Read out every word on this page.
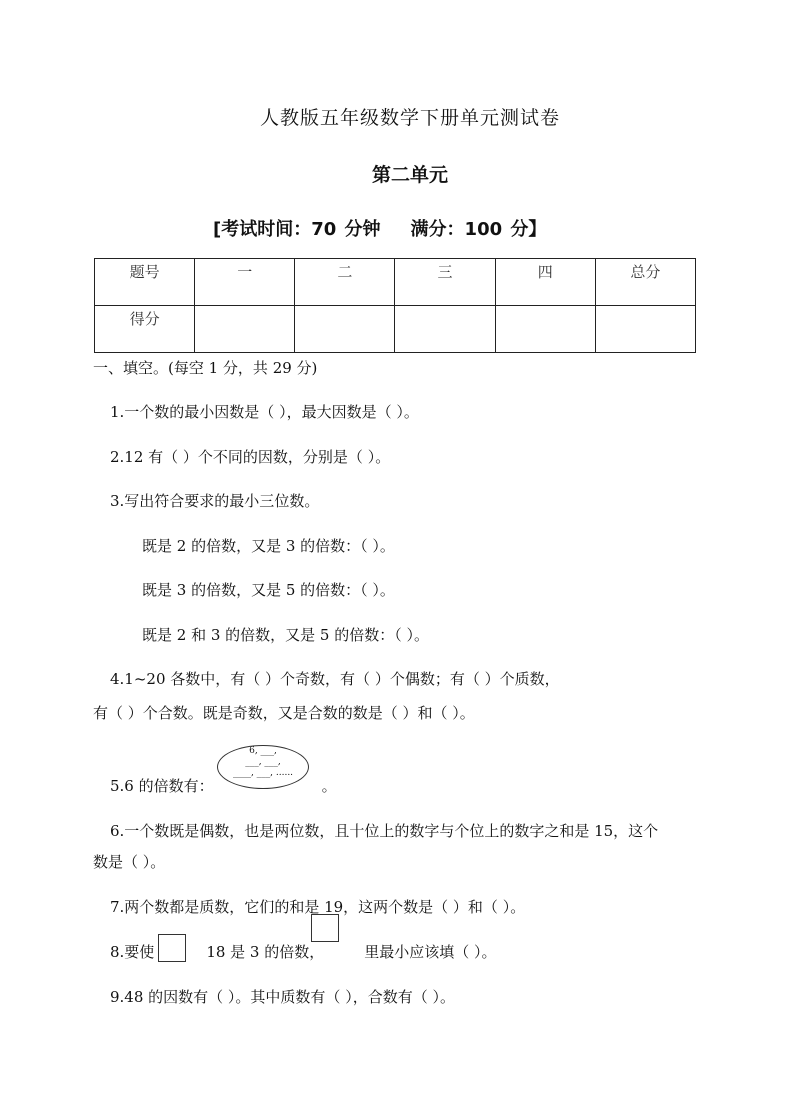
人教版五年级数学下册单元测试卷
第二单元
[考试时间：70 分钟 满分：100 分】
题号	一	二	三	四	总分
得分					
一、填空。(每空 1 分，共 29 分)
1.一个数的最小因数是（ ），最大因数是（ ）。
2.12 有（ ）个不同的因数，分别是（ ）。
3.写出符合要求的最小三位数。
既是 2 的倍数，又是 3 的倍数：（ ）。
既是 3 的倍数，又是 5 的倍数：（ ）。
既是 2 和 3 的倍数，又是 5 的倍数：（ ）。
4.1~20 各数中，有（ ）个奇数，有（ ）个偶数；有（ ）个质数，
有（ ）个合数。既是奇数，又是合数的数是（ ）和（ ）。
5.6 的倍数有：	。
6, ___,
___, ___,
____, ___, ......
6.一个数既是偶数，也是两位数，且十位上的数字与个位上的数字之和是 15，这个
数是（ ）。
7.两个数都是质数，它们的和是 19，这两个数是（ ）和（ ）。
8.要使	18 是 3 的倍数，	里最小应该填（ ）。
9.48 的因数有（ ）。其中质数有（ ），合数有（ ）。
